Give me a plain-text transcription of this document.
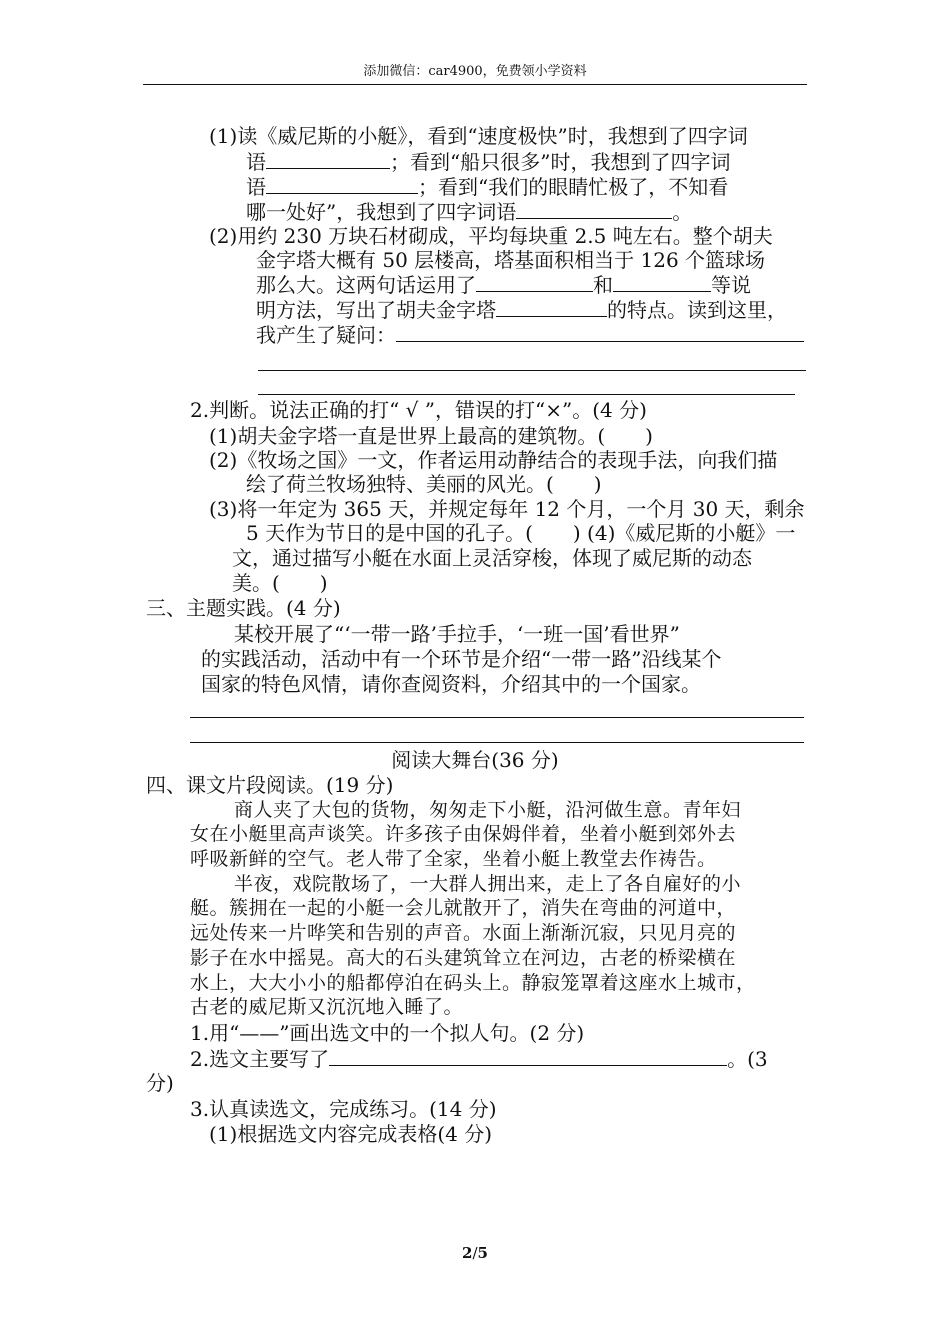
添加微信：car4900，免费领小学资料

(1)读《威尼斯的小艇》，看到“速度极快”时，我想到了四字词

语	；看到“船只很多”时，我想到了四字词

语	；看到“我们的眼睛忙极了，不知看

哪一处好”，我想到了四字词语	。

(2)用约 230 万块石材砌成，平均每块重 2.5 吨左右。整个胡夫

金字塔大概有 50 层楼高，塔基面积相当于 126 个篮球场

那么大。这两句话运用了	和	等说

明方法，写出了胡夫金字塔	的特点。读到这里，

我产生了疑问：

2.判断。说法正确的打“ √ ”，错误的打“×”。(4 分)

(1)胡夫金字塔一直是世界上最高的建筑物。(　　)

(2)《牧场之国》一文，作者运用动静结合的表现手法，向我们描

绘了荷兰牧场独特、美丽的风光。(　　)

(3)将一年定为 365 天，并规定每年 12 个月，一个月 30 天，剩余

5 天作为节日的是中国的孔子。(　　) (4)《威尼斯的小艇》一

文，通过描写小艇在水面上灵活穿梭，体现了威尼斯的动态

美。(　　)

三、主题实践。(4 分)

某校开展了“‘一带一路’手拉手，‘一班一国’看世界”

的实践活动，活动中有一个环节是介绍“一带一路”沿线某个

国家的特色风情，请你查阅资料，介绍其中的一个国家。

阅读大舞台(36 分)

四、课文片段阅读。(19 分)

商人夹了大包的货物，匆匆走下小艇，沿河做生意。青年妇

女在小艇里高声谈笑。许多孩子由保姆伴着，坐着小艇到郊外去

呼吸新鲜的空气。老人带了全家，坐着小艇上教堂去作祷告。

半夜，戏院散场了，一大群人拥出来，走上了各自雇好的小

艇。簇拥在一起的小艇一会儿就散开了，消失在弯曲的河道中，

远处传来一片哗笑和告别的声音。水面上渐渐沉寂，只见月亮的

影子在水中摇晃。高大的石头建筑耸立在河边，古老的桥梁横在

水上，大大小小的船都停泊在码头上。静寂笼罩着这座水上城市，

古老的威尼斯又沉沉地入睡了。

1.用“——”画出选文中的一个拟人句。(2 分)

2.选文主要写了	。(3

分)

3.认真读选文，完成练习。(14 分)

(1)根据选文内容完成表格(4 分)

2/5
